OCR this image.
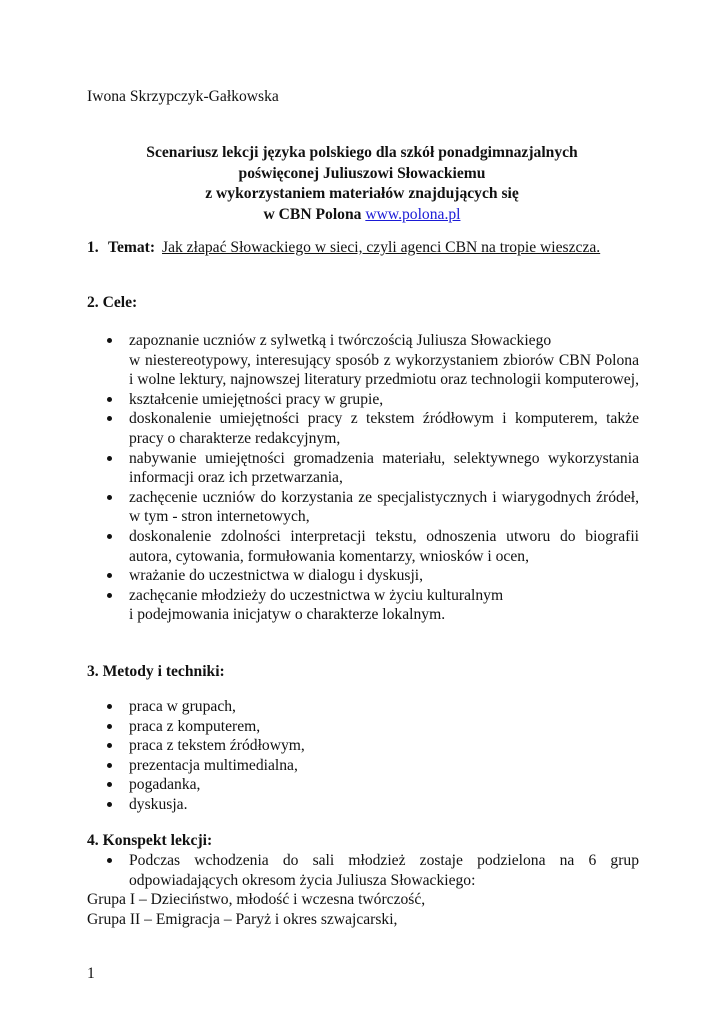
Iwona Skrzypczyk-Gałkowska
Scenariusz lekcji języka polskiego dla szkół ponadgimnazjalnych
poświęconej Juliuszowi Słowackiemu
z wykorzystaniem materiałów znajdujących się
w CBN Polona www.polona.pl
1. Temat: Jak złapać Słowackiego w sieci, czyli agenci CBN na tropie wieszcza.
2. Cele:
zapoznanie uczniów z sylwetką i twórczością Juliusza Słowackiego
w niestereotypowy, interesujący sposób z wykorzystaniem zbiorów CBN Polona i wolne lektury, najnowszej literatury przedmiotu oraz technologii komputerowej,
kształcenie umiejętności pracy w grupie,
doskonalenie umiejętności pracy z tekstem źródłowym i komputerem, także pracy o charakterze redakcyjnym,
nabywanie umiejętności gromadzenia materiału, selektywnego wykorzystania informacji oraz ich przetwarzania,
zachęcenie uczniów do korzystania ze specjalistycznych i wiarygodnych źródeł, w tym - stron internetowych,
doskonalenie zdolności interpretacji tekstu, odnoszenia utworu do biografii autora, cytowania, formułowania komentarzy, wniosków i ocen,
wrażanie do uczestnictwa w dialogu i dyskusji,
zachęcanie młodzieży do uczestnictwa w życiu kulturalnym
i podejmowania inicjatyw o charakterze lokalnym.
3. Metody i techniki:
praca w grupach,
praca z komputerem,
praca z tekstem źródłowym,
prezentacja multimedialna,
pogadanka,
dyskusja.
4. Konspekt lekcji:
Podczas wchodzenia do sali młodzież zostaje podzielona na 6 grup odpowiadających okresom życia Juliusza Słowackiego:
Grupa I – Dzieciństwo, młodość i wczesna twórczość,
Grupa II – Emigracja – Paryż i okres szwajcarski,
1
